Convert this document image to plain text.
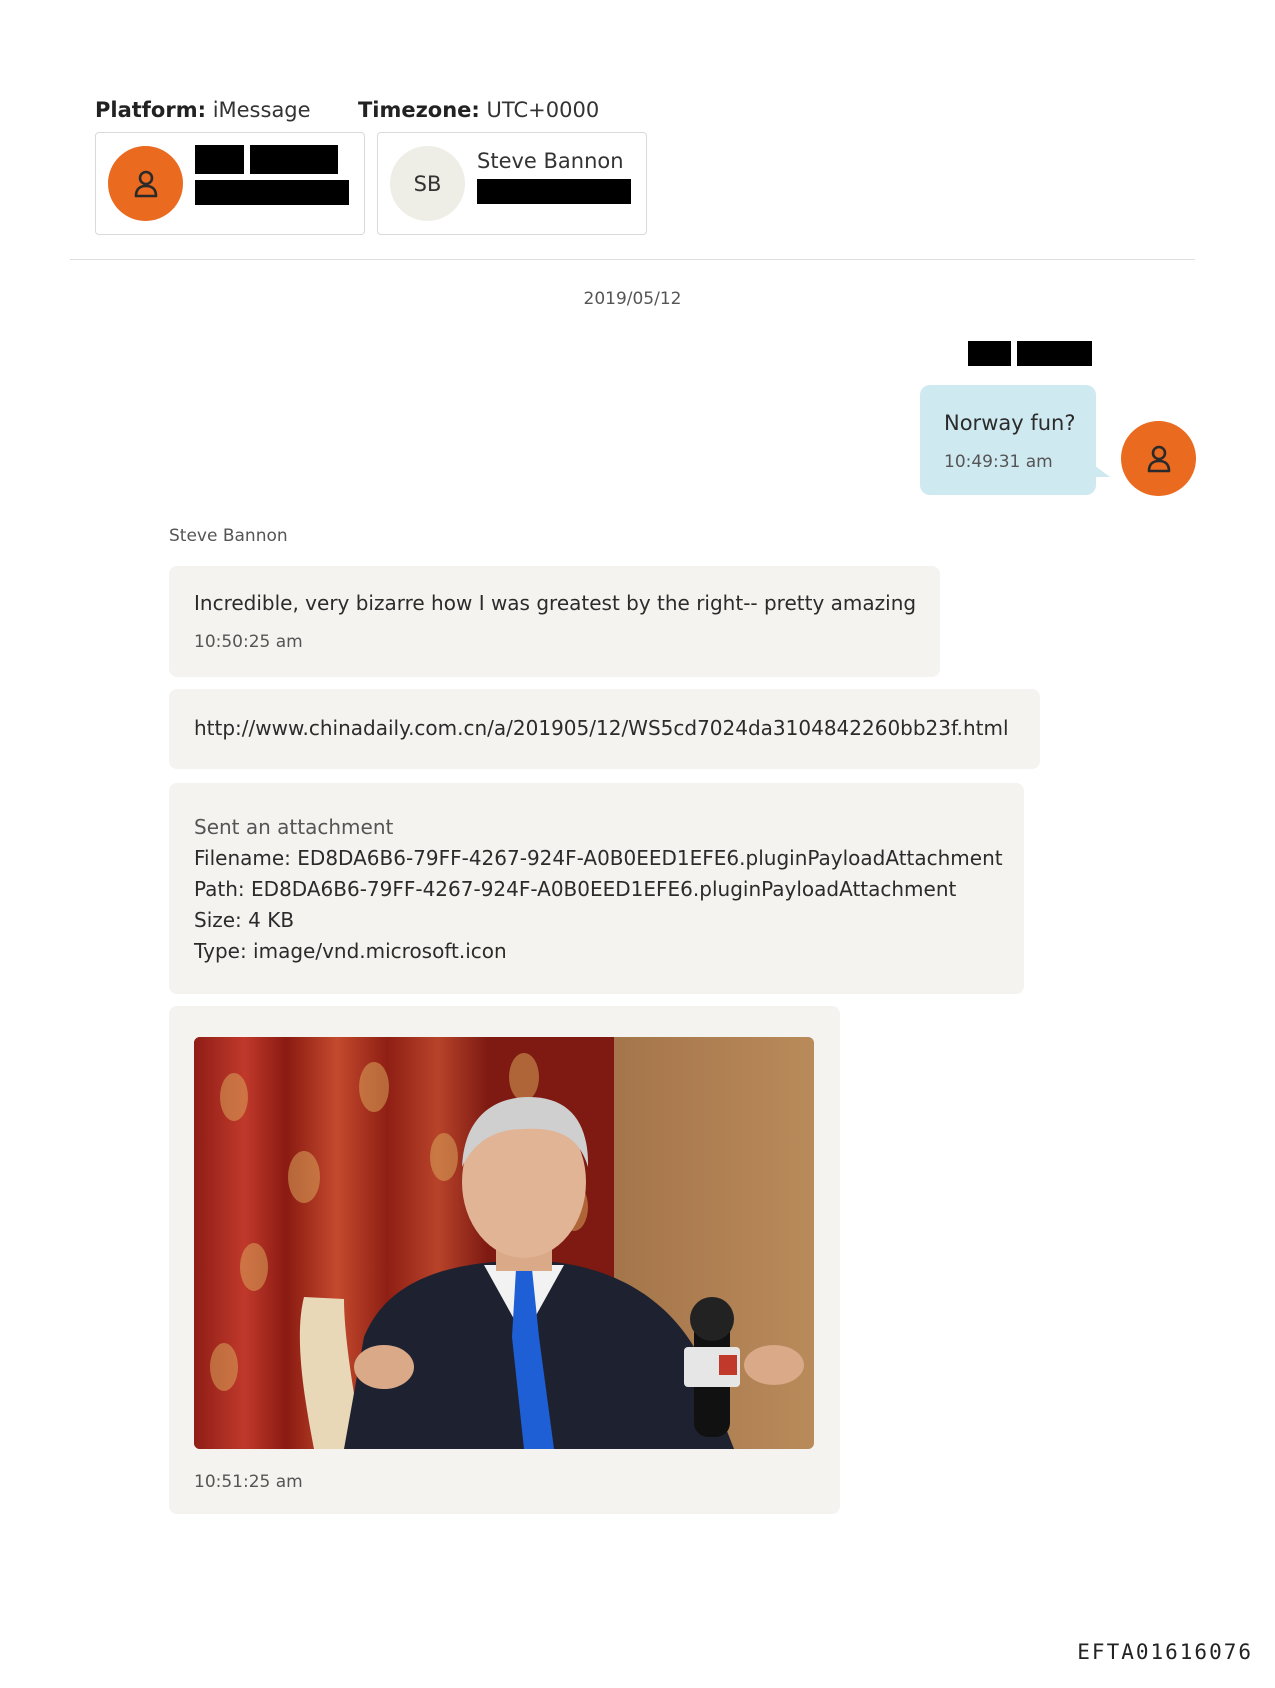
Platform: iMessage Timezone: UTC+0000
SB
Steve Bannon
2019/05/12
Norway fun?
10:49:31 am
Steve Bannon
Incredible, very bizarre how I was greatest by the right-- pretty amazing
10:50:25 am
http://www.chinadaily.com.cn/a/201905/12/WS5cd7024da3104842260bb23f.html
Sent an attachment
Filename: ED8DA6B6-79FF-4267-924F-A0B0EED1EFE6.pluginPayloadAttachment
Path: ED8DA6B6-79FF-4267-924F-A0B0EED1EFE6.pluginPayloadAttachment
Size: 4 KB
Type: image/vnd.microsoft.icon
10:51:25 am
EFTA01616076
